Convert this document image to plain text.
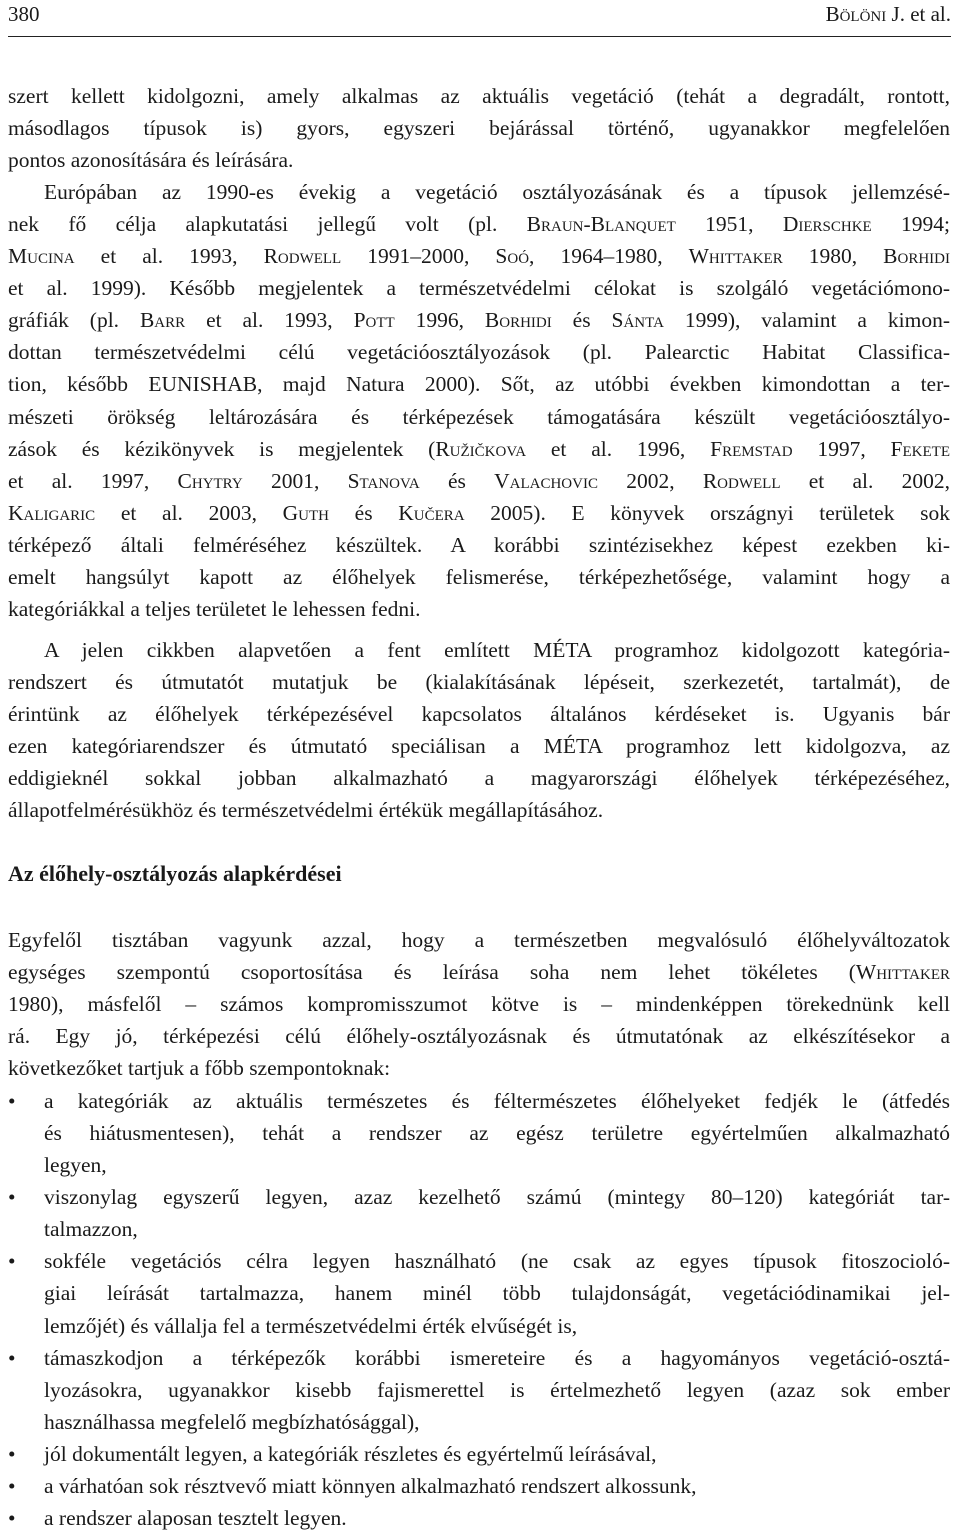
380	Bölöni J. et al.
szert kellett kidolgozni, amely alkalmas az aktuális vegetáció (tehát a degradált, rontott,
másodlagos típusok is) gyors, egyszeri bejárással történő, ugyanakkor megfelelően
pontos azonosítására és leírására.
Európában az 1990-es évekig a vegetáció osztályozásának és a típusok jellemzésé-
nek fő célja alapkutatási jellegű volt (pl. Braun-Blanquet 1951, Dierschke 1994;
Mucina et al. 1993, Rodwell 1991–2000, Soó, 1964–1980, Whittaker 1980, Borhidi
et al. 1999). Később megjelentek a természetvédelmi célokat is szolgáló vegetációmono-
gráfiák (pl. Barr et al. 1993, Pott 1996, Borhidi és Sánta 1999), valamint a kimon-
dottan természetvédelmi célú vegetációosztályozások (pl. Palearctic Habitat Classifica-
tion, később EUNISHAB, majd Natura 2000). Sőt, az utóbbi években kimondottan a ter-
mészeti örökség leltározására és térképezések támogatására készült vegetációosztályo-
zások és kézikönyvek is megjelentek (Ružičkova et al. 1996, Fremstad 1997, Fekete
et al. 1997, Chytry 2001, Stanova és Valachovic 2002, Rodwell et al. 2002,
Kaligaric et al. 2003, Guth és Kučera 2005). E könyvek országnyi területek sok
térképező általi felméréséhez készültek. A korábbi szintézisekhez képest ezekben ki-
emelt hangsúlyt kapott az élőhelyek felismerése, térképezhetősége, valamint hogy a
kategóriákkal a teljes területet le lehessen fedni.
A jelen cikkben alapvetően a fent említett MÉTA programhoz kidolgozott kategória-
rendszert és útmutatót mutatjuk be (kialakításának lépéseit, szerkezetét, tartalmát), de
érintünk az élőhelyek térképezésével kapcsolatos általános kérdéseket is. Ugyanis bár
ezen kategóriarendszer és útmutató speciálisan a MÉTA programhoz lett kidolgozva, az
eddigieknél sokkal jobban alkalmazható a magyarországi élőhelyek térképezéséhez,
állapotfelmérésükhöz és természetvédelmi értékük megállapításához.
Egyfelől tisztában vagyunk azzal, hogy a természetben megvalósuló élőhelyváltozatok
egységes szempontú csoportosítása és leírása soha nem lehet tökéletes (Whittaker
1980), másfelől – számos kompromisszumot kötve is – mindenképpen törekednünk kell
rá. Egy jó, térképezési célú élőhely-osztályozásnak és útmutatónak az elkészítésekor a
következőket tartjuk a főbb szempontoknak:
• a kategóriák az aktuális természetes és féltermészetes élőhelyeket fedjék le (átfedés
és hiátusmentesen), tehát a rendszer az egész területre egyértelműen alkalmazható
legyen,
• viszonylag egyszerű legyen, azaz kezelhető számú (mintegy 80–120) kategóriát tar-
talmazzon,
• sokféle vegetációs célra legyen használható (ne csak az egyes típusok fitoszocioló-
giai leírását tartalmazza, hanem minél több tulajdonságát, vegetációdinamikai jel-
lemzőjét) és vállalja fel a természetvédelmi érték elvűségét is,
• támaszkodjon a térképezők korábbi ismereteire és a hagyományos vegetáció-osztá-
lyozásokra, ugyanakkor kisebb fajismerettel is értelmezhető legyen (azaz sok ember
használhassa megfelelő megbízhatósággal),
• jól dokumentált legyen, a kategóriák részletes és egyértelmű leírásával,
• a várhatóan sok résztvevő miatt könnyen alkalmazható rendszert alkossunk,
• a rendszer alaposan tesztelt legyen.
Az élőhely-osztályozás alapkérdései
